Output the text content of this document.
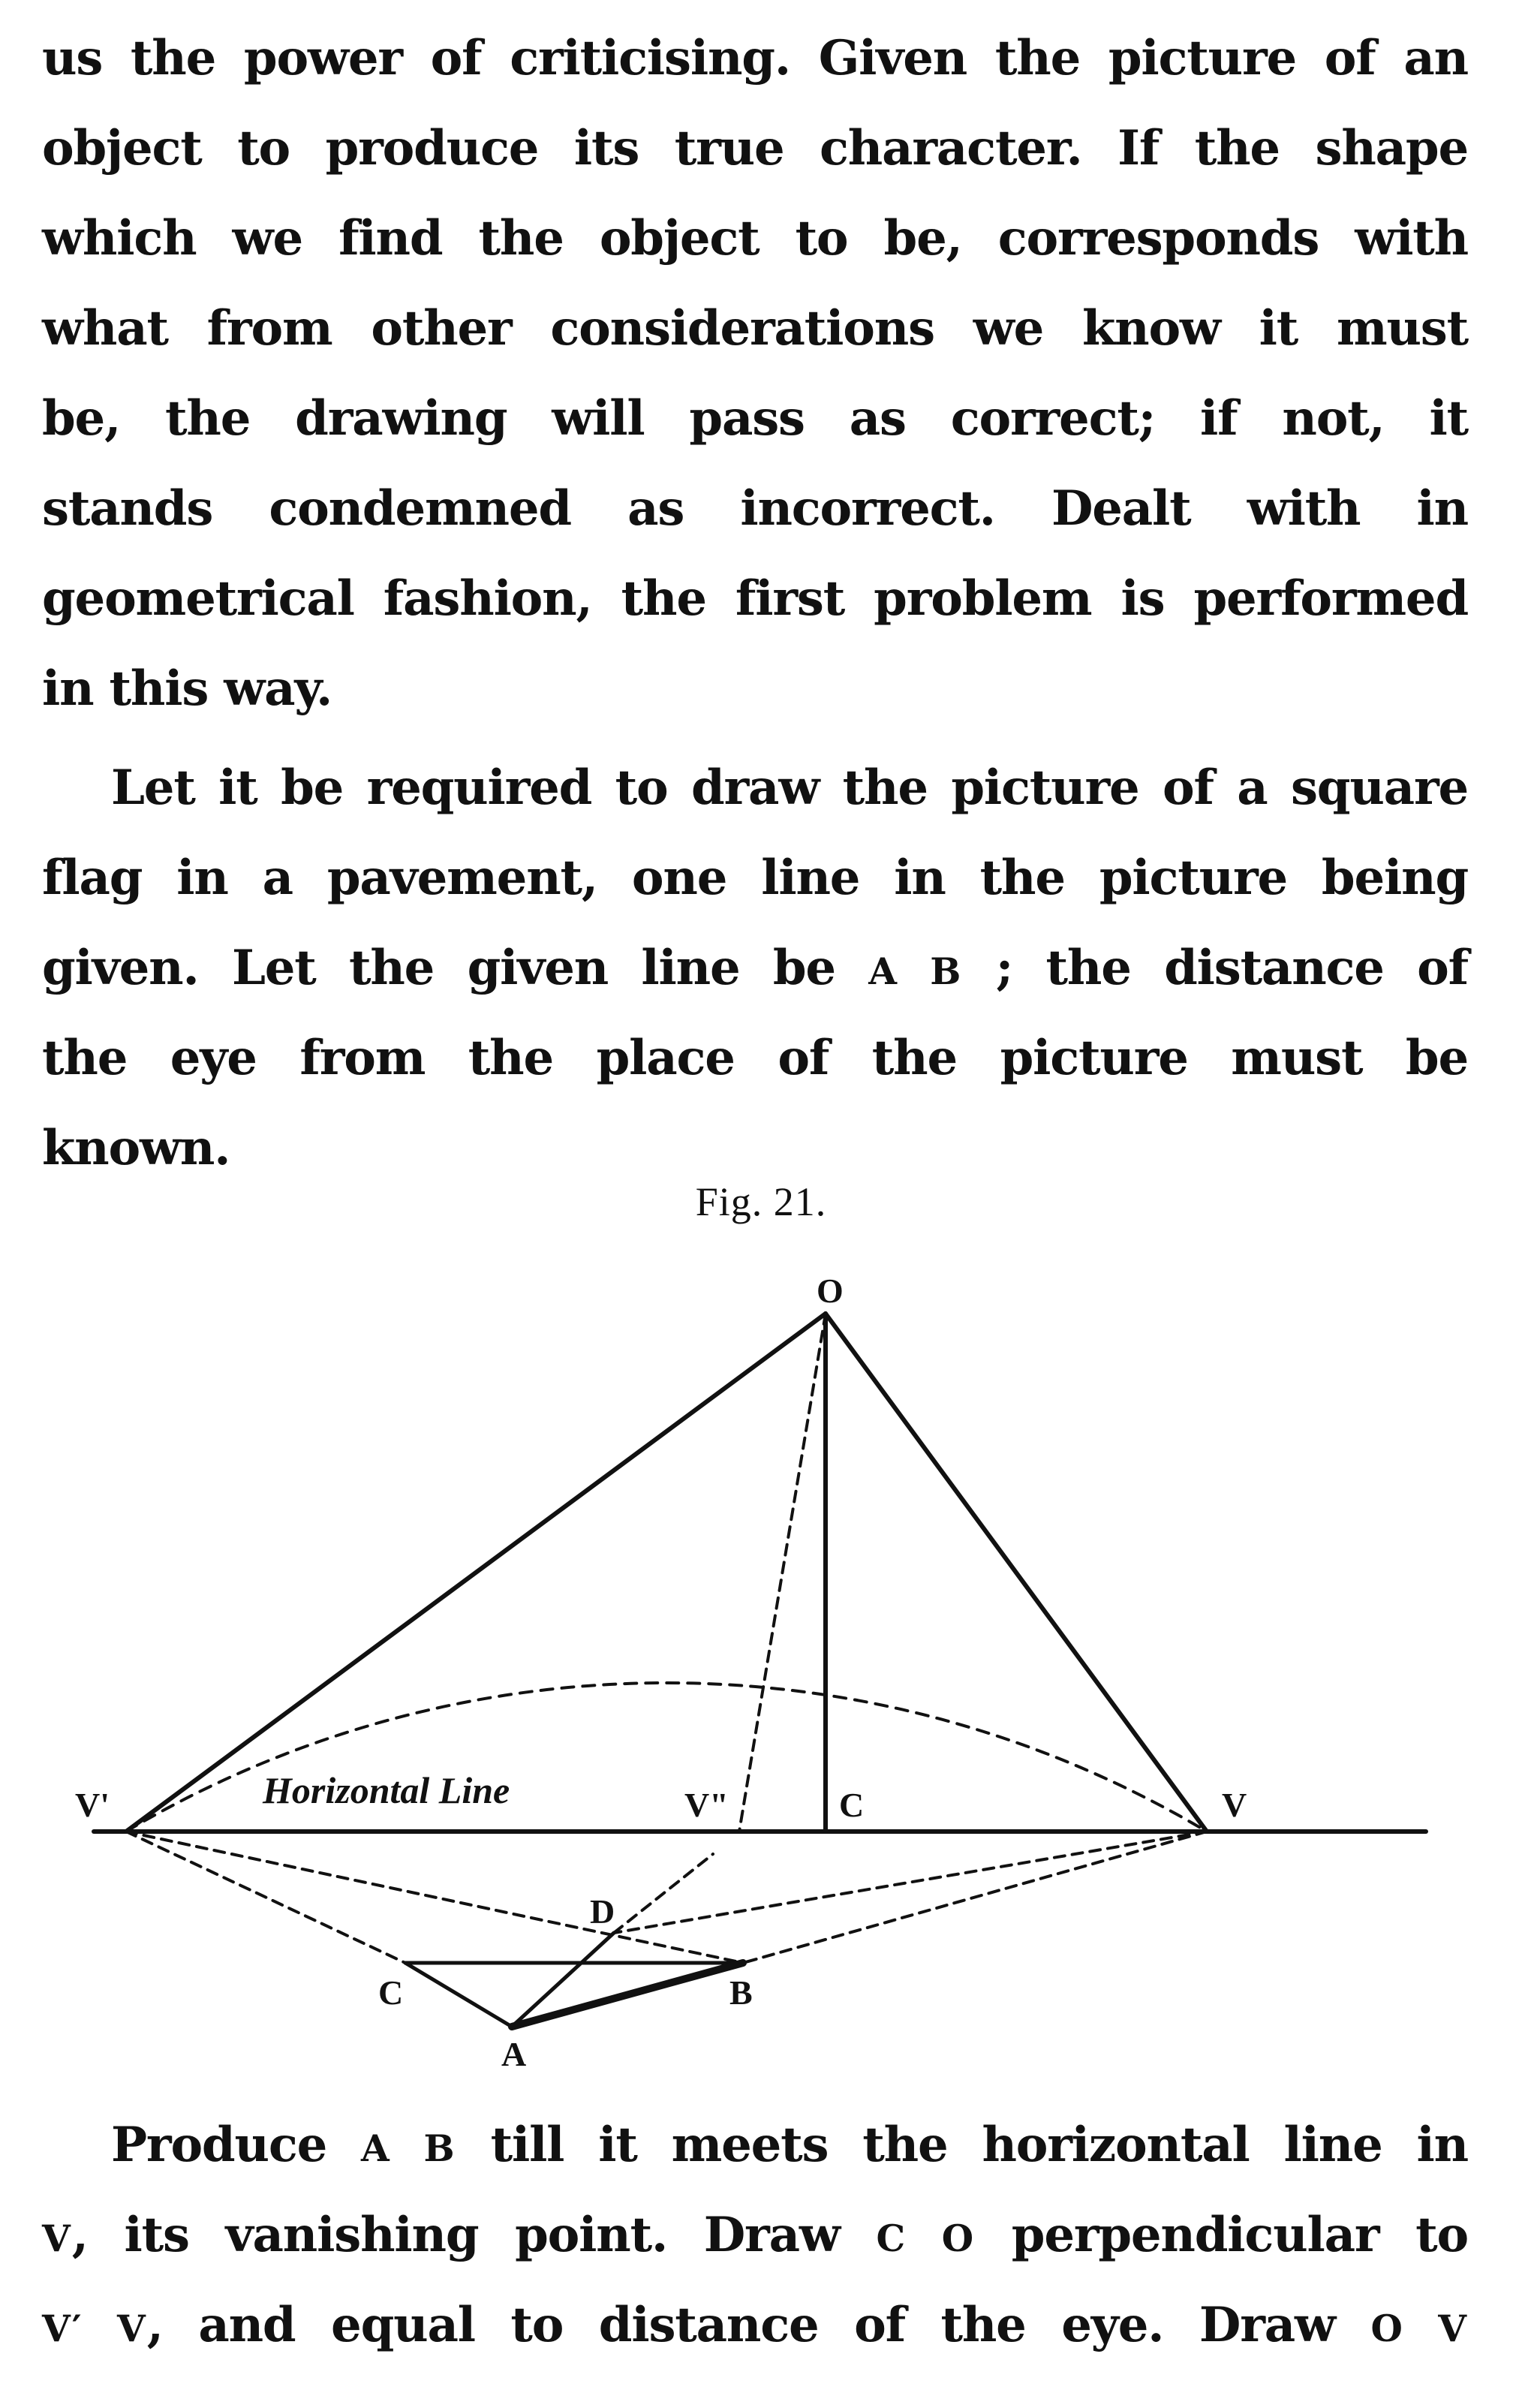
us the power of criticising. Given the picture of an
object to produce its true character. If the shape
which we find the object to be, corresponds with
what from other considerations we know it must
be, the drawing will pass as correct; if not, it
stands condemned as incorrect. Dealt with in
geometrical fashion, the first problem is performed
in this way.
Let it be required to draw the picture of a square
flag in a pavement, one line in the picture being
given. Let the given line be A B ; the distance of
the eye from the place of the picture must be
known.
Fig. 21.
O
V'	Horizontal Line	V"	C	V
D
C	B
A
Produce A B till it meets the horizontal line in
V, its vanishing point. Draw C O perpendicular to
V′ V, and equal to distance of the eye. Draw O V
